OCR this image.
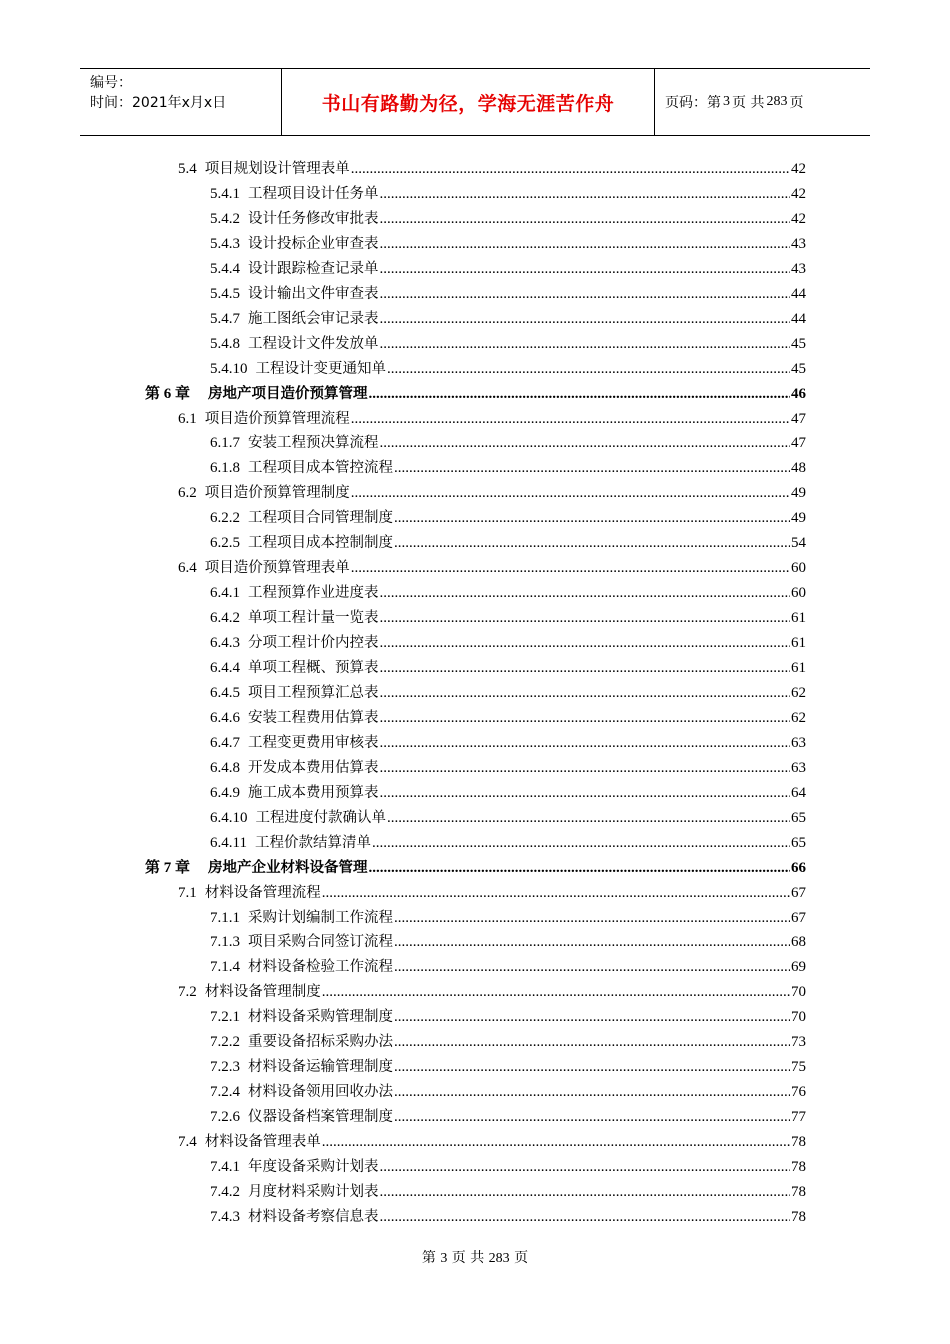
编号：
时间：2021年x月x日	书山有路勤为径，学海无涯苦作舟	页码：第 3 页 共 283 页
5.4 项目规划设计管理表单 .....	42
5.4.1 工程项目设计任务单 .....	42
5.4.2 设计任务修改审批表 .....	42
5.4.3 设计投标企业审查表 .....	43
5.4.4 设计跟踪检查记录单 .....	43
5.4.5 设计输出文件审查表 .....	44
5.4.7 施工图纸会审记录表 .....	44
5.4.8 工程设计文件发放单 .....	45
5.4.10 工程设计变更通知单 .....	45
第 6 章 房地产项目造价预算管理 .....	46
6.1 项目造价预算管理流程 .....	47
6.1.7 安装工程预决算流程 .....	47
6.1.8 工程项目成本管控流程 .....	48
6.2 项目造价预算管理制度 .....	49
6.2.2 工程项目合同管理制度 .....	49
6.2.5 工程项目成本控制制度 .....	54
6.4 项目造价预算管理表单 .....	60
6.4.1 工程预算作业进度表 .....	60
6.4.2 单项工程计量一览表 .....	61
6.4.3 分项工程计价内控表 .....	61
6.4.4 单项工程概、预算表 .....	61
6.4.5 项目工程预算汇总表 .....	62
6.4.6 安装工程费用估算表 .....	62
6.4.7 工程变更费用审核表 .....	63
6.4.8 开发成本费用估算表 .....	63
6.4.9 施工成本费用预算表 .....	64
6.4.10 工程进度付款确认单 .....	65
6.4.11 工程价款结算清单 .....	65
第 7 章 房地产企业材料设备管理 .....	66
7.1 材料设备管理流程 .....	67
7.1.1 采购计划编制工作流程 .....	67
7.1.3 项目采购合同签订流程 .....	68
7.1.4 材料设备检验工作流程 .....	69
7.2 材料设备管理制度 .....	70
7.2.1 材料设备采购管理制度 .....	70
7.2.2 重要设备招标采购办法 .....	73
7.2.3 材料设备运输管理制度 .....	75
7.2.4 材料设备领用回收办法 .....	76
7.2.6 仪器设备档案管理制度 .....	77
7.4 材料设备管理表单 .....	78
7.4.1 年度设备采购计划表 .....	78
7.4.2 月度材料采购计划表 .....	78
7.4.3 材料设备考察信息表 .....	78
第 3 页 共 283 页
